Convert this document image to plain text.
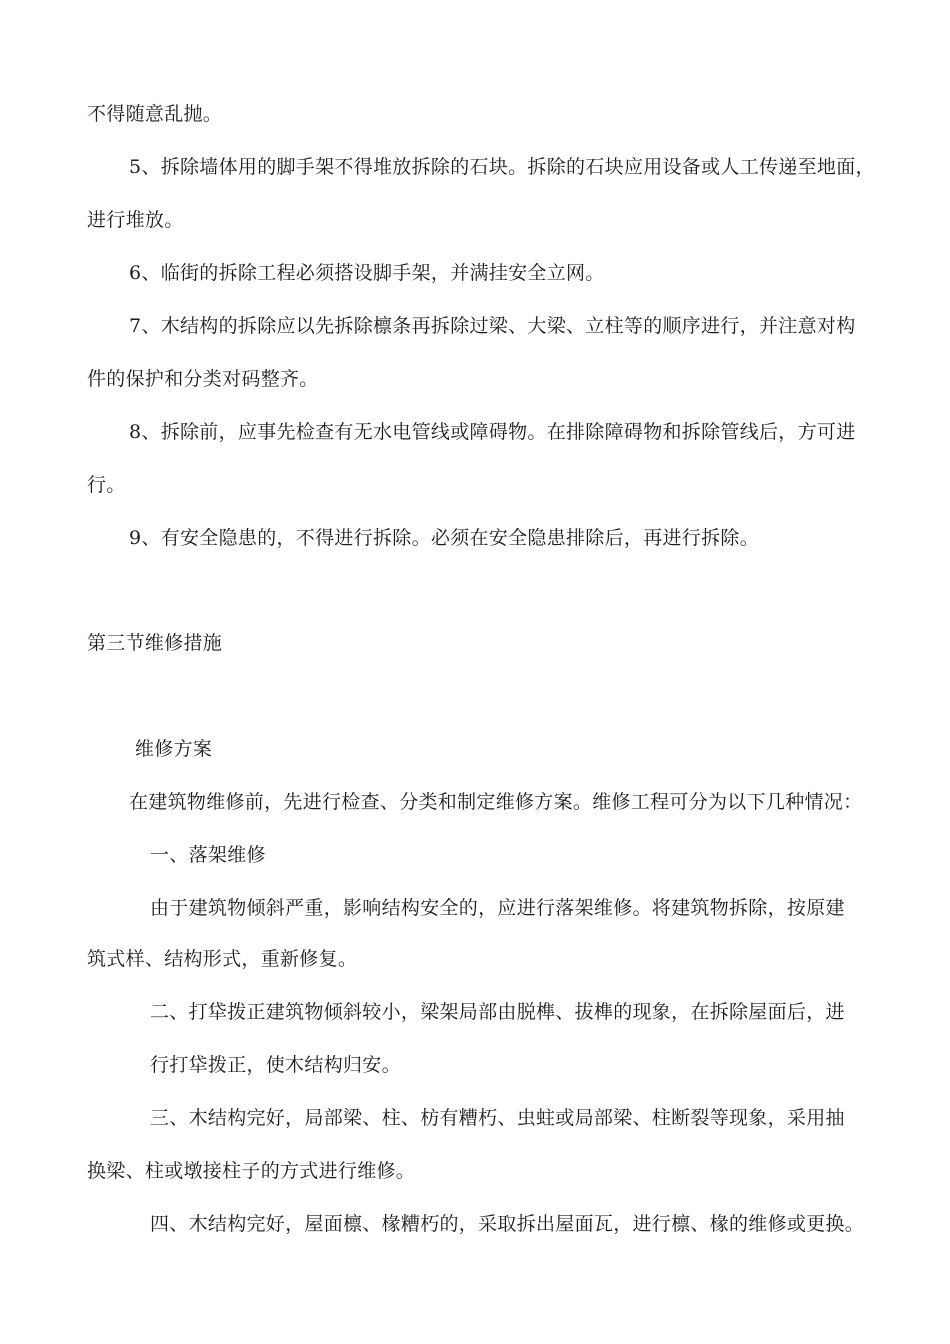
不得随意乱抛。
5、拆除墙体用的脚手架不得堆放拆除的石块。拆除的石块应用设备或人工传递至地面，
进行堆放。
6、临街的拆除工程必须搭设脚手架，并满挂安全立网。
7、木结构的拆除应以先拆除檩条再拆除过梁、大梁、立柱等的顺序进行，并注意对构
件的保护和分类对码整齐。
8、拆除前，应事先检查有无水电管线或障碍物。在排除障碍物和拆除管线后，方可进
行。
9、有安全隐患的，不得进行拆除。必须在安全隐患排除后，再进行拆除。
第三节维修措施
维修方案
在建筑物维修前，先进行检查、分类和制定维修方案。维修工程可分为以下几种情况：
一、落架维修
由于建筑物倾斜严重，影响结构安全的，应进行落架维修。将建筑物拆除，按原建
筑式样、结构形式，重新修复。
二、打牮拨正建筑物倾斜较小，梁架局部由脱榫、拔榫的现象，在拆除屋面后，进
行打牮拨正，使木结构归安。
三、木结构完好，局部梁、柱、枋有糟朽、虫蛀或局部梁、柱断裂等现象，采用抽
换梁、柱或墩接柱子的方式进行维修。
四、木结构完好，屋面檩、椽糟朽的，采取拆出屋面瓦，进行檩、椽的维修或更换。
